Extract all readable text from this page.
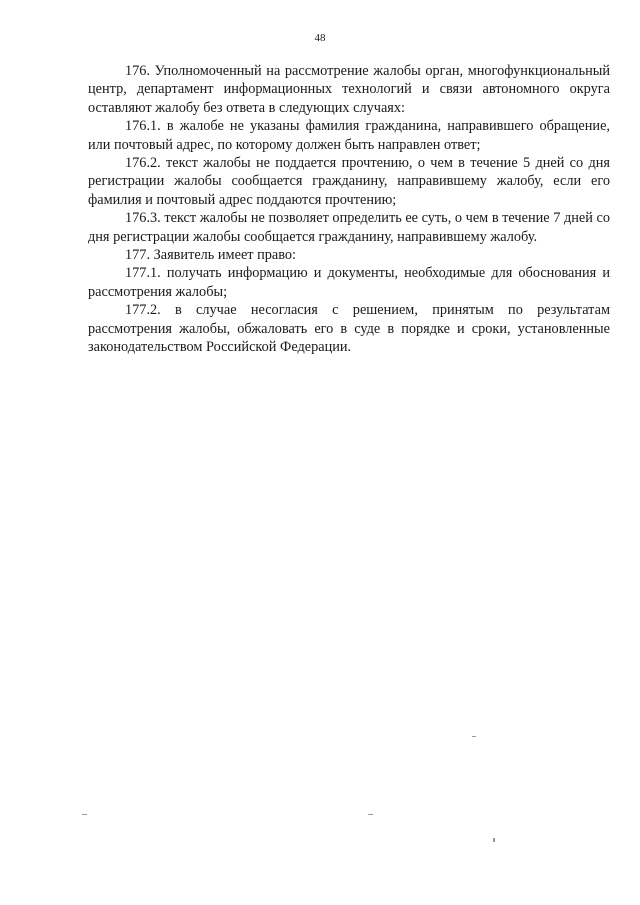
48

176. Уполномоченный на рассмотрение жалобы орган, многофункциональный центр, департамент информационных технологий и связи автономного округа оставляют жалобу без ответа в следующих случаях:

176.1. в жалобе не указаны фамилия гражданина, направившего обращение, или почтовый адрес, по которому должен быть направлен ответ;

176.2. текст жалобы не поддается прочтению, о чем в течение 5 дней со дня регистрации жалобы сообщается гражданину, направившему жалобу, если его фамилия и почтовый адрес поддаются прочтению;

176.3. текст жалобы не позволяет определить ее суть, о чем в течение 7 дней со дня регистрации жалобы сообщается гражданину, направившему жалобу.

177. Заявитель имеет право:

177.1. получать информацию и документы, необходимые для обоснования и рассмотрения жалобы;

177.2. в случае несогласия с решением, принятым по результатам рассмотрения жалобы, обжаловать его в суде в порядке и сроки, установленные законодательством Российской Федерации.
